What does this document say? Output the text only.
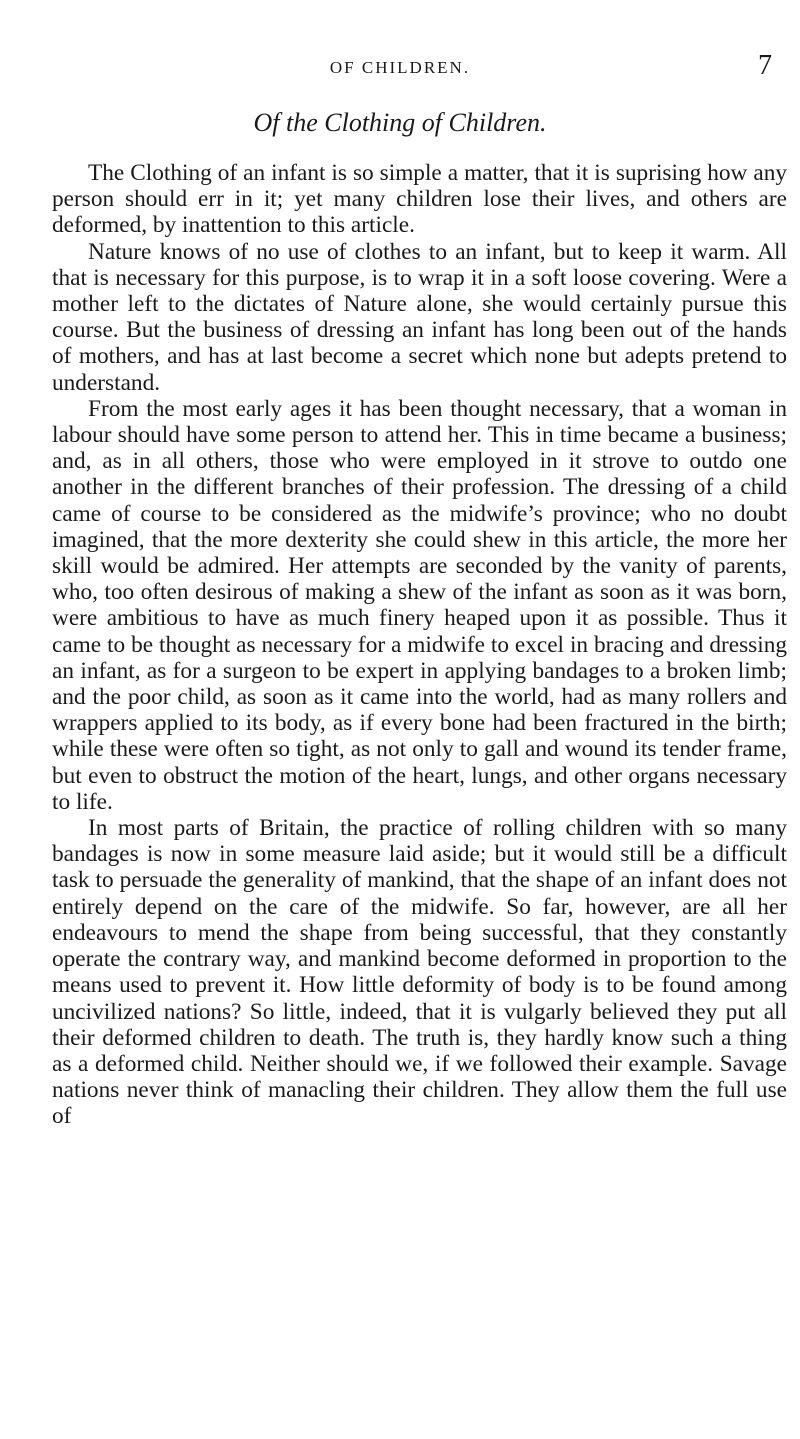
OF CHILDREN.	7
Of the Clothing of Children.

The Clothing of an infant is so simple a matter, that it is suprising how any person should err in it; yet many children lose their lives, and others are deformed, by inattention to this article.

Nature knows of no use of clothes to an infant, but to keep it warm. All that is necessary for this purpose, is to wrap it in a soft loose covering. Were a mother left to the dictates of Nature alone, she would certainly pursue this course. But the business of dressing an infant has long been out of the hands of mothers, and has at last become a secret which none but adepts pretend to understand.

From the most early ages it has been thought necessary, that a woman in labour should have some person to attend her. This in time became a business; and, as in all others, those who were employed in it strove to outdo one another in the different branches of their profession. The dressing of a child came of course to be considered as the midwife’s province; who no doubt imagined, that the more dexterity she could shew in this article, the more her skill would be admired. Her attempts are seconded by the vanity of parents, who, too often desirous of making a shew of the infant as soon as it was born, were ambitious to have as much finery heaped upon it as possible. Thus it came to be thought as necessary for a midwife to excel in bracing and dressing an infant, as for a surgeon to be expert in applying bandages to a broken limb; and the poor child, as soon as it came into the world, had as many rollers and wrappers applied to its body, as if every bone had been fractured in the birth; while these were often so tight, as not only to gall and wound its tender frame, but even to obstruct the motion of the heart, lungs, and other organs necessary to life.

In most parts of Britain, the practice of rolling children with so many bandages is now in some measure laid aside; but it would still be a difficult task to persuade the generality of mankind, that the shape of an infant does not entirely depend on the care of the midwife. So far, however, are all her endeavours to mend the shape from being successful, that they constantly operate the contrary way, and mankind become deformed in proportion to the means used to prevent it. How little deformity of body is to be found among uncivilized nations? So little, indeed, that it is vulgarly believed they put all their deformed children to death. The truth is, they hardly know such a thing as a deformed child. Neither should we, if we followed their example. Savage nations never think of manacling their children. They allow them the full use of
